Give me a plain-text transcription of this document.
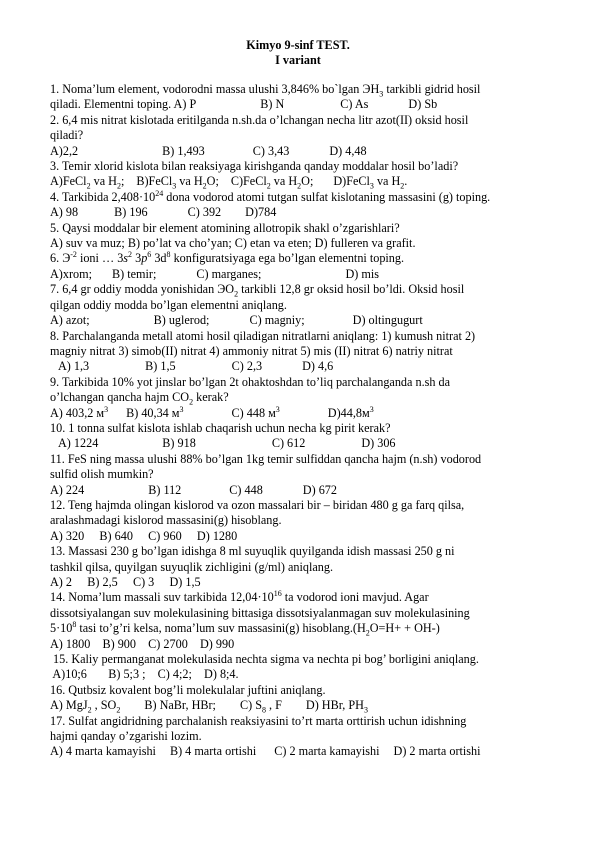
Kimyo 9-sinf TEST.
I variant
1. Noma’lum element, vodorodni massa ulushi 3,846% bo`lgan $ЭH_3$ tarkibli gidrid hosil
qiladi. Elementni toping. A) P	B) N	C) As	D) Sb
2. 6,4 mis nitrat kislotada eritilganda n.sh.da o’lchangan necha litr azot(II) oksid hosil
qiladi?
A)2,2	B) 1,493	C) 3,43	D) 4,48
3. Temir xlorid kislota bilan reaksiyaga kirishganda qanday moddalar hosil bo’ladi?
A)FeCl$_2$ va $H_2$; B)FeCl$_3$ va $H_2O$; C)FeCl$_2$ va $H_2O$; D)FeCl$_3$ va $H_2$.
4. Tarkibida $2,408\cdot 10^{24}$ dona vodorod atomi tutgan sulfat kislotaning massasini (g) toping.
A) 98	B) 196	C) 392 D)784
5. Qaysi moddalar bir element atomining allotropik shakl o’zgarishlari?
A) suv va muz; B) po’lat va cho’yan; C) etan va eten; D) fulleren va grafit.
6. $Э^{-2}$ ioni … $3s^2$ $3p^6$ $3d^8$ konfiguratsiyaga ega bo’lgan elementni toping.
A)xrom; B) temir;	C) marganes;	D) mis
7. 6,4 gr oddiy modda yonishidan $ЭO_2$ tarkibli 12,8 gr oksid hosil bo’ldi. Oksid hosil
qilgan oddiy modda bo’lgan elementni aniqlang.
A) azot;	B) uglerod;	C) magniy;	D) oltingugurt
8. Parchalanganda metall atomi hosil qiladigan nitratlarni aniqlang: 1) kumush nitrat 2)
magniy nitrat 3) simob(II) nitrat 4) ammoniy nitrat 5) mis (II) nitrat 6) natriy nitrat
A) 1,3	B) 1,5	C) 2,3	D) 4,6
9. Tarkibida 10% yot jinslar bo’lgan 2t ohaktoshdan to’liq parchalanganda n.sh da
o’lchangan qancha hajm $CO_2$ kerak?
A) 403,2 $м^3$ B) 40,34 $м^3$	C) 448 $м^3$	$D)44,8м^3$
10. 1 tonna sulfat kislota ishlab chaqarish uchun necha kg pirit kerak?
A) 1224	B) 918	C) 612	D) 306
11. FeS ning massa ulushi 88% bo’lgan 1kg temir sulfiddan qancha hajm (n.sh) vodorod
sulfid olish mumkin?
A) 224	B) 112	C) 448	D) 672
12. Teng hajmda olingan kislorod va ozon massalari bir – biridan 480 g ga farq qilsa,
aralashmadagi kislorod massasini(g) hisoblang.
A) 320     B) 640     C) 960     D) 1280
13. Massasi 230 g bo’lgan idishga 8 ml suyuqlik quyilganda idish massasi 250 g ni
tashkil qilsa, quyilgan suyuqlik zichligini (g/ml) aniqlang.
A) 2     B) 2,5     C) 3     D) 1,5
14. Noma’lum massali suv tarkibida $12,04\cdot 10^{16}$ ta vodorod ioni mavjud. Agar
dissotsiyalangan suv molekulasining bittasiga dissotsiyalanmagan suv molekulasining
$5\cdot 10^8$ tasi to’g’ri kelsa, noma’lum suv massasini(g) $hisoblang.(H_2O=H+ + OH-)$
A) 1800    B) 900    C) 2700    D) 990
15. Kaliy permanganat molekulasida nechta sigma va nechta pi bog’ borligini aniqlang.
A)10;6       B) 5;3 ;    C) 4;2;    D) 8;4.
16. Qutbsiz kovalent bog’li molekulalar juftini aniqlang.
A) MgJ$_2$ , $SO_2$ B) NaBr, HBr; C) $S_8$ , F D) HBr, $PH_3$
17. Sulfat angidridning parchalanish reaksiyasini to’rt marta orttirish uchun idishning
hajmi qanday o’zgarishi lozim.
A) 4 marta kamayishi B) 4 marta ortishi C) 2 marta kamayishi D) 2 marta ortishi
